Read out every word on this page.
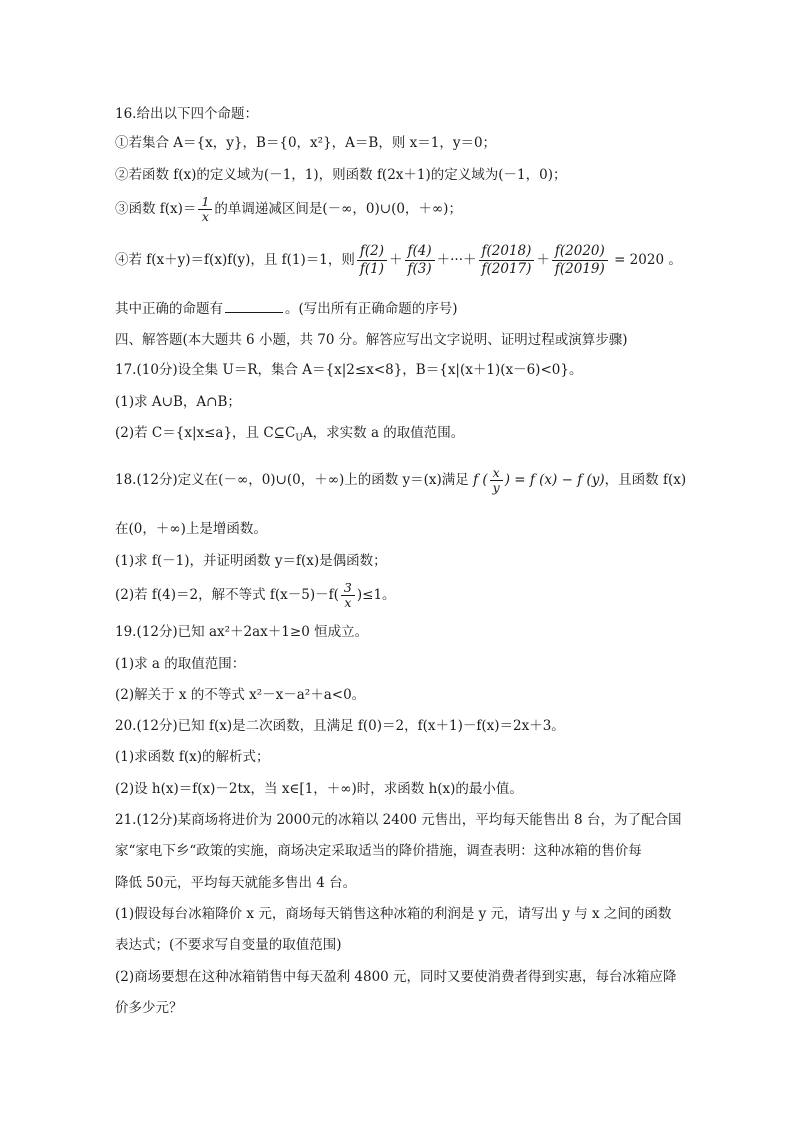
16.给出以下四个命题：
①若集合 A＝{x，y}，B＝{0，x²}，A＝B，则 x＝1，y＝0；
②若函数 f(x)的定义域为(－1，1)，则函数 f(2x＋1)的定义域为(－1，0)；
③函数 $f(x)= \frac{1}{x}$ 的单调递减区间是(－∞，0)∪(0，＋∞)；
④若 f(x＋y)＝f(x)f(y)，且 f(1)＝1，则 $\frac{f(2)}{f(1)} + \frac{f(4)}{f(3)}$ ＋···＋ $\frac{f(2018)}{f(2017)} + \frac{f(2020)}{f(2019)} = 2020$ 。
其中正确的命题有	。(写出所有正确命题的序号)
四、解答题(本大题共 6 小题，共 70 分。解答应写出文字说明、证明过程或演算步骤)
17.(10分)设全集 U＝R，集合 A＝{x|2≤x<8}，B＝{x|(x＋1)(x－6)<0}。
(1)求 A∪B，A∩B；
(2)若 C＝{x|x≤a}，且 $C⊆C_UA$，求实数 a 的取值范围。
18.(12分)定义在(－∞，0)∪(0，＋∞)上的函数 y＝(x)满足 f ( $\frac{x}{y}$ ) = f (x) − f (y)，且函数 f(x)
在(0，＋∞)上是增函数。
(1)求 f(－1)，并证明函数 y＝f(x)是偶函数；
(2)若 f(4)＝2，解不等式 $f(x-5)-f( \frac{3}{x} )\le 1$。
19.(12分)已知 ax²＋2ax＋1≥0 恒成立。
(1)求 a 的取值范围：
(2)解关于 x 的不等式 x²－x－a²＋a<0。
20.(12分)已知 f(x)是二次函数，且满足 f(0)＝2，f(x＋1)－f(x)＝2x＋3。
(1)求函数 f(x)的解析式；
(2)设 h(x)＝f(x)－2tx，当 x∈[1，＋∞)时，求函数 h(x)的最小值。
21.(12分)某商场将进价为 2000元的冰箱以 2400 元售出，平均每天能售出 8 台，为了配合国
家“家电下乡“政策的实施，商场决定采取适当的降价措施，调查表明：这种冰箱的售价每
降低 50元，平均每天就能多售出 4 台。
(1)假设每台冰箱降价 x 元，商场每天销售这种冰箱的利润是 y 元，请写出 y 与 x 之间的函数
表达式；(不要求写自变量的取值范围)
(2)商场要想在这种冰箱销售中每天盈利 4800 元，同时又要使消费者得到实惠，每台冰箱应降
价多少元？
